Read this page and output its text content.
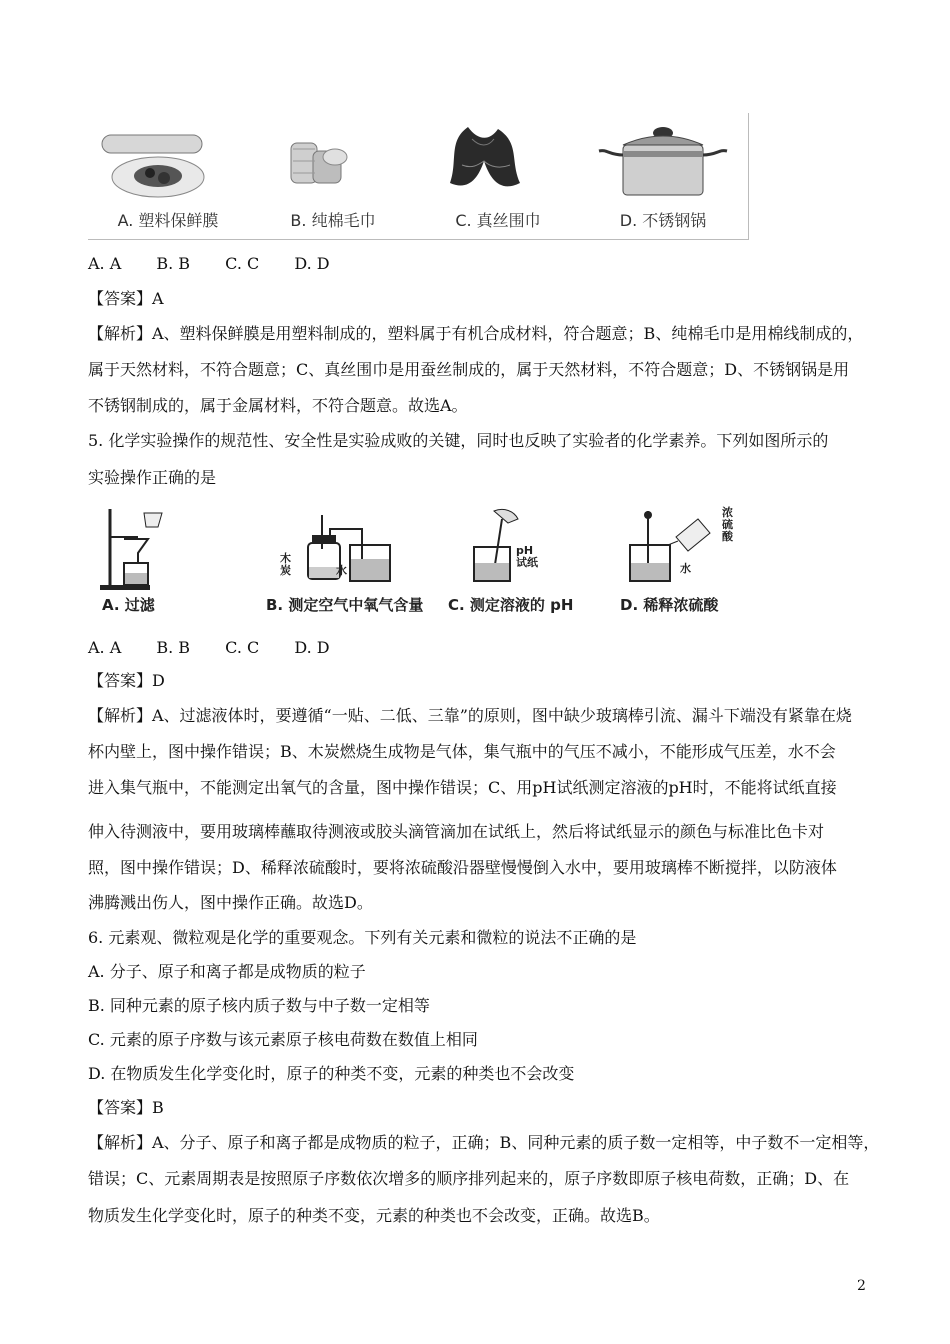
A. 塑料保鲜膜	B. 纯棉毛巾	C. 真丝围巾	D. 不锈钢锅
A. A B. B C. C D. D
【答案】A
【解析】A、塑料保鲜膜是用塑料制成的，塑料属于有机合成材料，符合题意；B、纯棉毛巾是用棉线制成的，
属于天然材料，不符合题意；C、真丝围巾是用蚕丝制成的，属于天然材料，不符合题意；D、不锈钢锅是用
不锈钢制成的，属于金属材料，不符合题意。故选A。
5. 化学实验操作的规范性、安全性是实验成败的关键，同时也反映了实验者的化学素养。下列如图所示的
实验操作正确的是
A. 过滤
木
炭	水
B. 测定空气中氧气含量
pH
试纸
C. 测定溶液的 pH
浓
硫
酸
水
D. 稀释浓硫酸
A. A B. B C. C D. D
【答案】D
【解析】A、过滤液体时，要遵循“一贴、二低、三靠”的原则，图中缺少玻璃棒引流、漏斗下端没有紧靠在烧
杯内壁上，图中操作错误；B、木炭燃烧生成物是气体，集气瓶中的气压不减小，不能形成气压差，水不会
进入集气瓶中，不能测定出氧气的含量，图中操作错误；C、用pH试纸测定溶液的pH时，不能将试纸直接
伸入待测液中，要用玻璃棒蘸取待测液或胶头滴管滴加在试纸上，然后将试纸显示的颜色与标准比色卡对
照，图中操作错误；D、稀释浓硫酸时，要将浓硫酸沿器壁慢慢倒入水中，要用玻璃棒不断搅拌，以防液体
沸腾溅出伤人，图中操作正确。故选D。
6. 元素观、微粒观是化学的重要观念。下列有关元素和微粒的说法不正确的是
A. 分子、原子和离子都是成物质的粒子
B. 同种元素的原子核内质子数与中子数一定相等
C. 元素的原子序数与该元素原子核电荷数在数值上相同
D. 在物质发生化学变化时，原子的种类不变，元素的种类也不会改变
【答案】B
【解析】A、分子、原子和离子都是成物质的粒子，正确；B、同种元素的质子数一定相等，中子数不一定相等，
错误；C、元素周期表是按照原子序数依次增多的顺序排列起来的，原子序数即原子核电荷数，正确；D、在
物质发生化学变化时，原子的种类不变，元素的种类也不会改变，正确。故选B。
2
